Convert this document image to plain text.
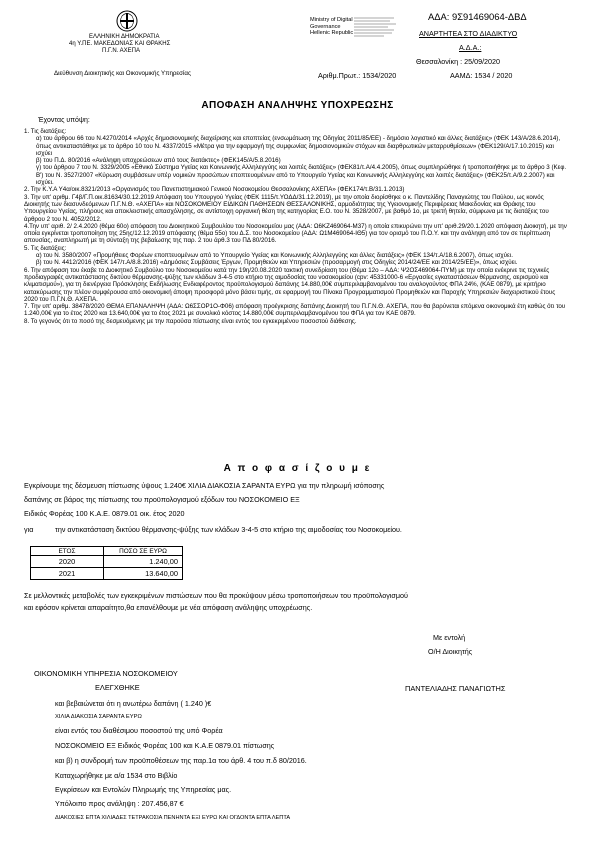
ΕΛΛΗΝΙΚΗ ΔΗΜΟΚΡΑΤΙΑ
4η Υ.ΠΕ. ΜΑΚΕΔΟΝΙΑΣ ΚΑΙ ΘΡΑΚΗΣ
Π.Γ.Ν. ΑΧΕΠΑ
Διεύθυνση Διοικητικής και Οικονομικής Υπηρεσίας
Ministry of Digital
Governance
Hellenic Republic
ΑΔΑ: 9Σ91469064-ΔΒΔ
ΑΝΑΡΤΗΤΕΑ ΣΤΟ ΔΙΑΔΙΚΤΥΟ
Α.Δ.Α.:
Θεσσαλονίκη : 25/09/2020
Αριθμ.Πρωτ.: 1534/2020	ΑΑΜΔ: 1534 / 2020
ΑΠΟΦΑΣΗ ΑΝΑΛΗΨΗΣ ΥΠΟΧΡΕΩΣΗΣ
Έχοντας υπόψη:

1. Τις διατάξεις:

α) του άρθρου 66 του Ν.4270/2014 «Αρχές δημοσιονομικής διαχείρισης και εποπτείας (ενσωμάτωση της Οδηγίας 2011/85/ΕΕ) - δημόσιο λογιστικό και άλλες διατάξεις» (ΦΕΚ 143/Α/28.6.2014), όπως αντικαταστάθηκε με το άρθρο 10 του Ν. 4337/2015 «Μέτρα για την εφαρμογή της συμφωνίας δημοσιονομικών στόχων και διαρθρωτικών μεταρρυθμίσεων» (ΦΕΚ129/Α/17.10.2015) και ισχύει

β) του Π.Δ. 80/2016 «Ανάληψη υποχρεώσεων από τους διατάκτες» (ΦΕΚ145/Α/5.8.2016)

γ) του άρθρου 7 του Ν. 3329/2005 «Εθνικό Σύστημα Υγείας και Κοινωνικής Αλληλεγγύης και λοιπές διατάξεις» (ΦΕΚ81/τ.Α/4.4.2005), όπως συμπληρώθηκε ή τροποποιήθηκε με το άρθρο 3 (Κεφ. Β') του Ν. 3527/2007 «Κύρωση συμβάσεων υπέρ νομικών προσώπων εποπτευομένων από το Υπουργείο Υγείας και Κοινωνικής Αλληλεγγύης και λοιπές διατάξεις» (ΦΕΚ25/τ.Α/9.2.2007) και ισχύει.

2. Την Κ.Υ.Α Υ4α/οικ.8321/2013 «Οργανισμός του Πανεπιστημιακού Γενικού Νοσοκομείου Θεσσαλονίκης ΑΧΕΠΑ» (ΦΕΚ174/τ.Β/31.1.2013)

3. Την υπ' αριθμ. Γ4β/Γ.Π.οικ.81634/30.12.2019 Απόφαση του Υπουργού Υγείας (ΦΕΚ 1115/τ.ΥΟΔΔ/31.12.2019), με την οποία διορίσθηκε ο κ. Παντελίδης Παναγιώτης του Παύλου, ως κοινός Διοικητής των διασυνδεόμενων Π.Γ.Ν.Θ. «ΑΧΕΠΑ» και ΝΟΣΟΚΟΜΕΙΟΥ ΕΙΔΙΚΩΝ ΠΑΘΗΣΕΩΝ ΘΕΣΣΑΛΟΝΙΚΗΣ, αρμοδιότητας της Υγειονομικής Περιφέρειας Μακεδονίας και Θράκης του Υπουργείου Υγείας, πλήρους και αποκλειστικής απασχόλησης, σε αντίστοιχη οργανική θέση της κατηγορίας Ε.Ο. του Ν. 3528/2007, με βαθμό 1ο, με τριετή θητεία, σύμφωνα με τις διατάξεις του άρθρου 2 του Ν. 4052/2012.

4.Την υπ' αριθ. 2/ 2.4.2020 (θέμα 60ο) απόφαση του Διοικητικού Συμβουλίου του Νοσοκομείου μας (ΑΔΑ: Ω6ΚΖ469064-Μ37) η οποία επικυρώνει την υπ' αριθ.29/20.1.2020 απόφαση Διοικητή, με την οποία εγκρίνεται τροποποίηση της 25ης/12.12.2019 απόφασης (θέμα 55ο) του Δ.Σ. του Νοσοκομείου (ΑΔΑ: Ω1Μ469064-ΙΘ5) για τον ορισμό του Π.Ο.Υ. και την ανάληψη από τον σε περίπτωση απουσίας, αναπληρωτή με τη σύνταξη της βεβαίωσης της παρ. 2 του άρθ.3 του ΠΔ 80/2016.

5. Τις διατάξεις:

α) του Ν. 3580/2007 «Προμήθειες Φορέων εποπτευομένων από το Υπουργείο Υγείας και Κοινωνικής Αλληλεγγύης και άλλες διατάξεις» (ΦΕΚ 134/τ.Α/18.6.2007), όπως ισχύει.

β) του Ν. 4412/2016 (ΦΕΚ 147/τ.Α/8.8.2016) «Δημόσιες Συμβάσεις Έργων, Προμηθειών και Υπηρεσιών (προσαρμογή στις Οδηγίες 2014/24/ΕΕ και 2014/25/ΕΕ)», όπως ισχύει.

6. Την απόφαση του έκαβε το Διοικητικό Συμβούλιο του Νοσοκομείου κατά την 19η/20.08.2020 τακτική συνεδρίαση του (Θέμα 12ο – ΑΔΑ: Ψ2ΟΣ469064-ΠΥΜ) με την οποία ενέκρινε τις τεχνικές προδιαγραφές αντικατάστασης δικτύου θέρμανσης-ψύξης των κλάδων 3-4-5 στο κτήριο της αιμοδοσίας του νοσοκομείου (cpv: 45331000-6 «Εργασίες εγκαταστάσεων θέρμανσης, αερισμού και κλιματισμού»), για τη διενέργεια Πρόσκλησης Εκδήλωσης Ενδιαφέροντος προϋπολογισμού δαπάνης 14.880,00€ συμπεριλαμβανομένου του αναλογούντος ΦΠΑ 24%, (ΚΑΕ 0879), με κριτήριο κατακύρωσης την πλέον συμφέρουσα από οικονομική άποψη προσφορά μόνο βάσει τιμής, σε εφαρμογή του Πίνακα Προγραμματισμού Προμηθειών και Παροχής Υπηρεσιών διαχειριστικού έτους 2020 του Π.Γ.Ν.Θ. ΑΧΕΠΑ.

7. Την υπ' αριθμ. 38478/2020 ΘΕΜΑ ΕΠΑΝΑΛΗΨΗ (ΑΔΑ: Ω6ΣΣΟΡ1Ο-Φ06) απόφαση προέγκρισης δαπάνης Διοικητή του Π.Γ.Ν.Θ. ΑΧΕΠΑ, που θα βαρύνεται επόμενα οικονομικά έτη καθώς ότι του 1.240,00€ για το έτος 2020 και 13.640,00€ για το έτος 2021 με συνολικό κόστος 14.880,00€ συμπεριλαμβανομένου του ΦΠΑ για τον ΚΑΕ 0879.

8. Το γεγονός ότι το ποσό της δεσμευόμενης με την παρούσα πίστωσης είναι εντός του εγκεκριμένου ποσοστού διάθεσης.

Α π ο φ α σ ί ζ ο υ μ ε
Εγκρίνουμε της δέσμευση πίστωσης ύψους 1.240€ ΧΙΛΙΑ ΔΙΑΚΟΣΙΑ ΣΑΡΑΝΤΑ ΕΥΡΩ για την πληρωμή ισόποσης
δαπάνης σε βάρος της πίστωσης του προϋπολογισμού εξόδων του ΝΟΣΟΚΟΜΕΙΟ ΕΞ
Ειδικός Φορέας 100 Κ.Α.Ε. 0879.01 οικ. έτος 2020
για	την αντικατάσταση δικτύου θέρμανσης-ψύξης των κλάδων 3-4-5 στο κτήριο της αιμοδοσίας του Νοσοκομείου.
ΕΤΟΣ	ΠΟΣΟ ΣΕ ΕΥΡΩ
2020	1.240,00
2021	13.640,00
Σε μελλοντικές μεταβολές των εγκεκριμένων πιστώσεων που θα προκύψουν μέσω τροποποιήσεων του προϋπολογισμού
και εφόσον κρίνεται απαραίτητο,θα επανέλθουμε με νέα απόφαση ανάληψης υποχρέωσης.
Με εντολή
Ο/Η Διοικητής
ΟΙΚΟΝΟΜΙΚΗ ΥΠΗΡΕΣΙΑ ΝΟΣΟΚΟΜΕΙΟΥ
ΕΛΕΓΧΘΗΚΕ	ΠΑΝΤΕΛΙΑΔΗΣ ΠΑΝΑΓΙΩΤΗΣ
και βεβαιώνεται ότι η ανωτέρω δαπάνη ( 1.240 )€
ΧΙΛΙΑ ΔΙΑΚΟΣΙΑ ΣΑΡΑΝΤΑ ΕΥΡΩ
είναι εντός του διαθέσιμου ποσοστού της υπό Φορέα
ΝΟΣΟΚΟΜΕΙΟ ΕΞ Ειδικός Φορέας 100 και Κ.Α.Ε 0879.01 πίστωσης
και β) η συνδρομή των προϋποθέσεων της παρ.1α του άρθ. 4 του π.δ 80/2016.
Καταχωρήθηκε με α/α 1534 στο Βιβλίο
Εγκρίσεων και Εντολών Πληρωμής της Υπηρεσίας μας.
Υπόλοιπο προς ανάληψη : 207.456,87 €
ΔΙΑΚΟΣΙΕΣ ΕΠΤΑ ΧΙΛΙΑΔΕΣ ΤΕΤΡΑΚΟΣΙΑ ΠΕΝΗΝΤΑ ΕΞΙ ΕΥΡΩ ΚΑΙ ΟΓΔΟΝΤΑ ΕΠΤΑ ΛΕΠΤΑ
